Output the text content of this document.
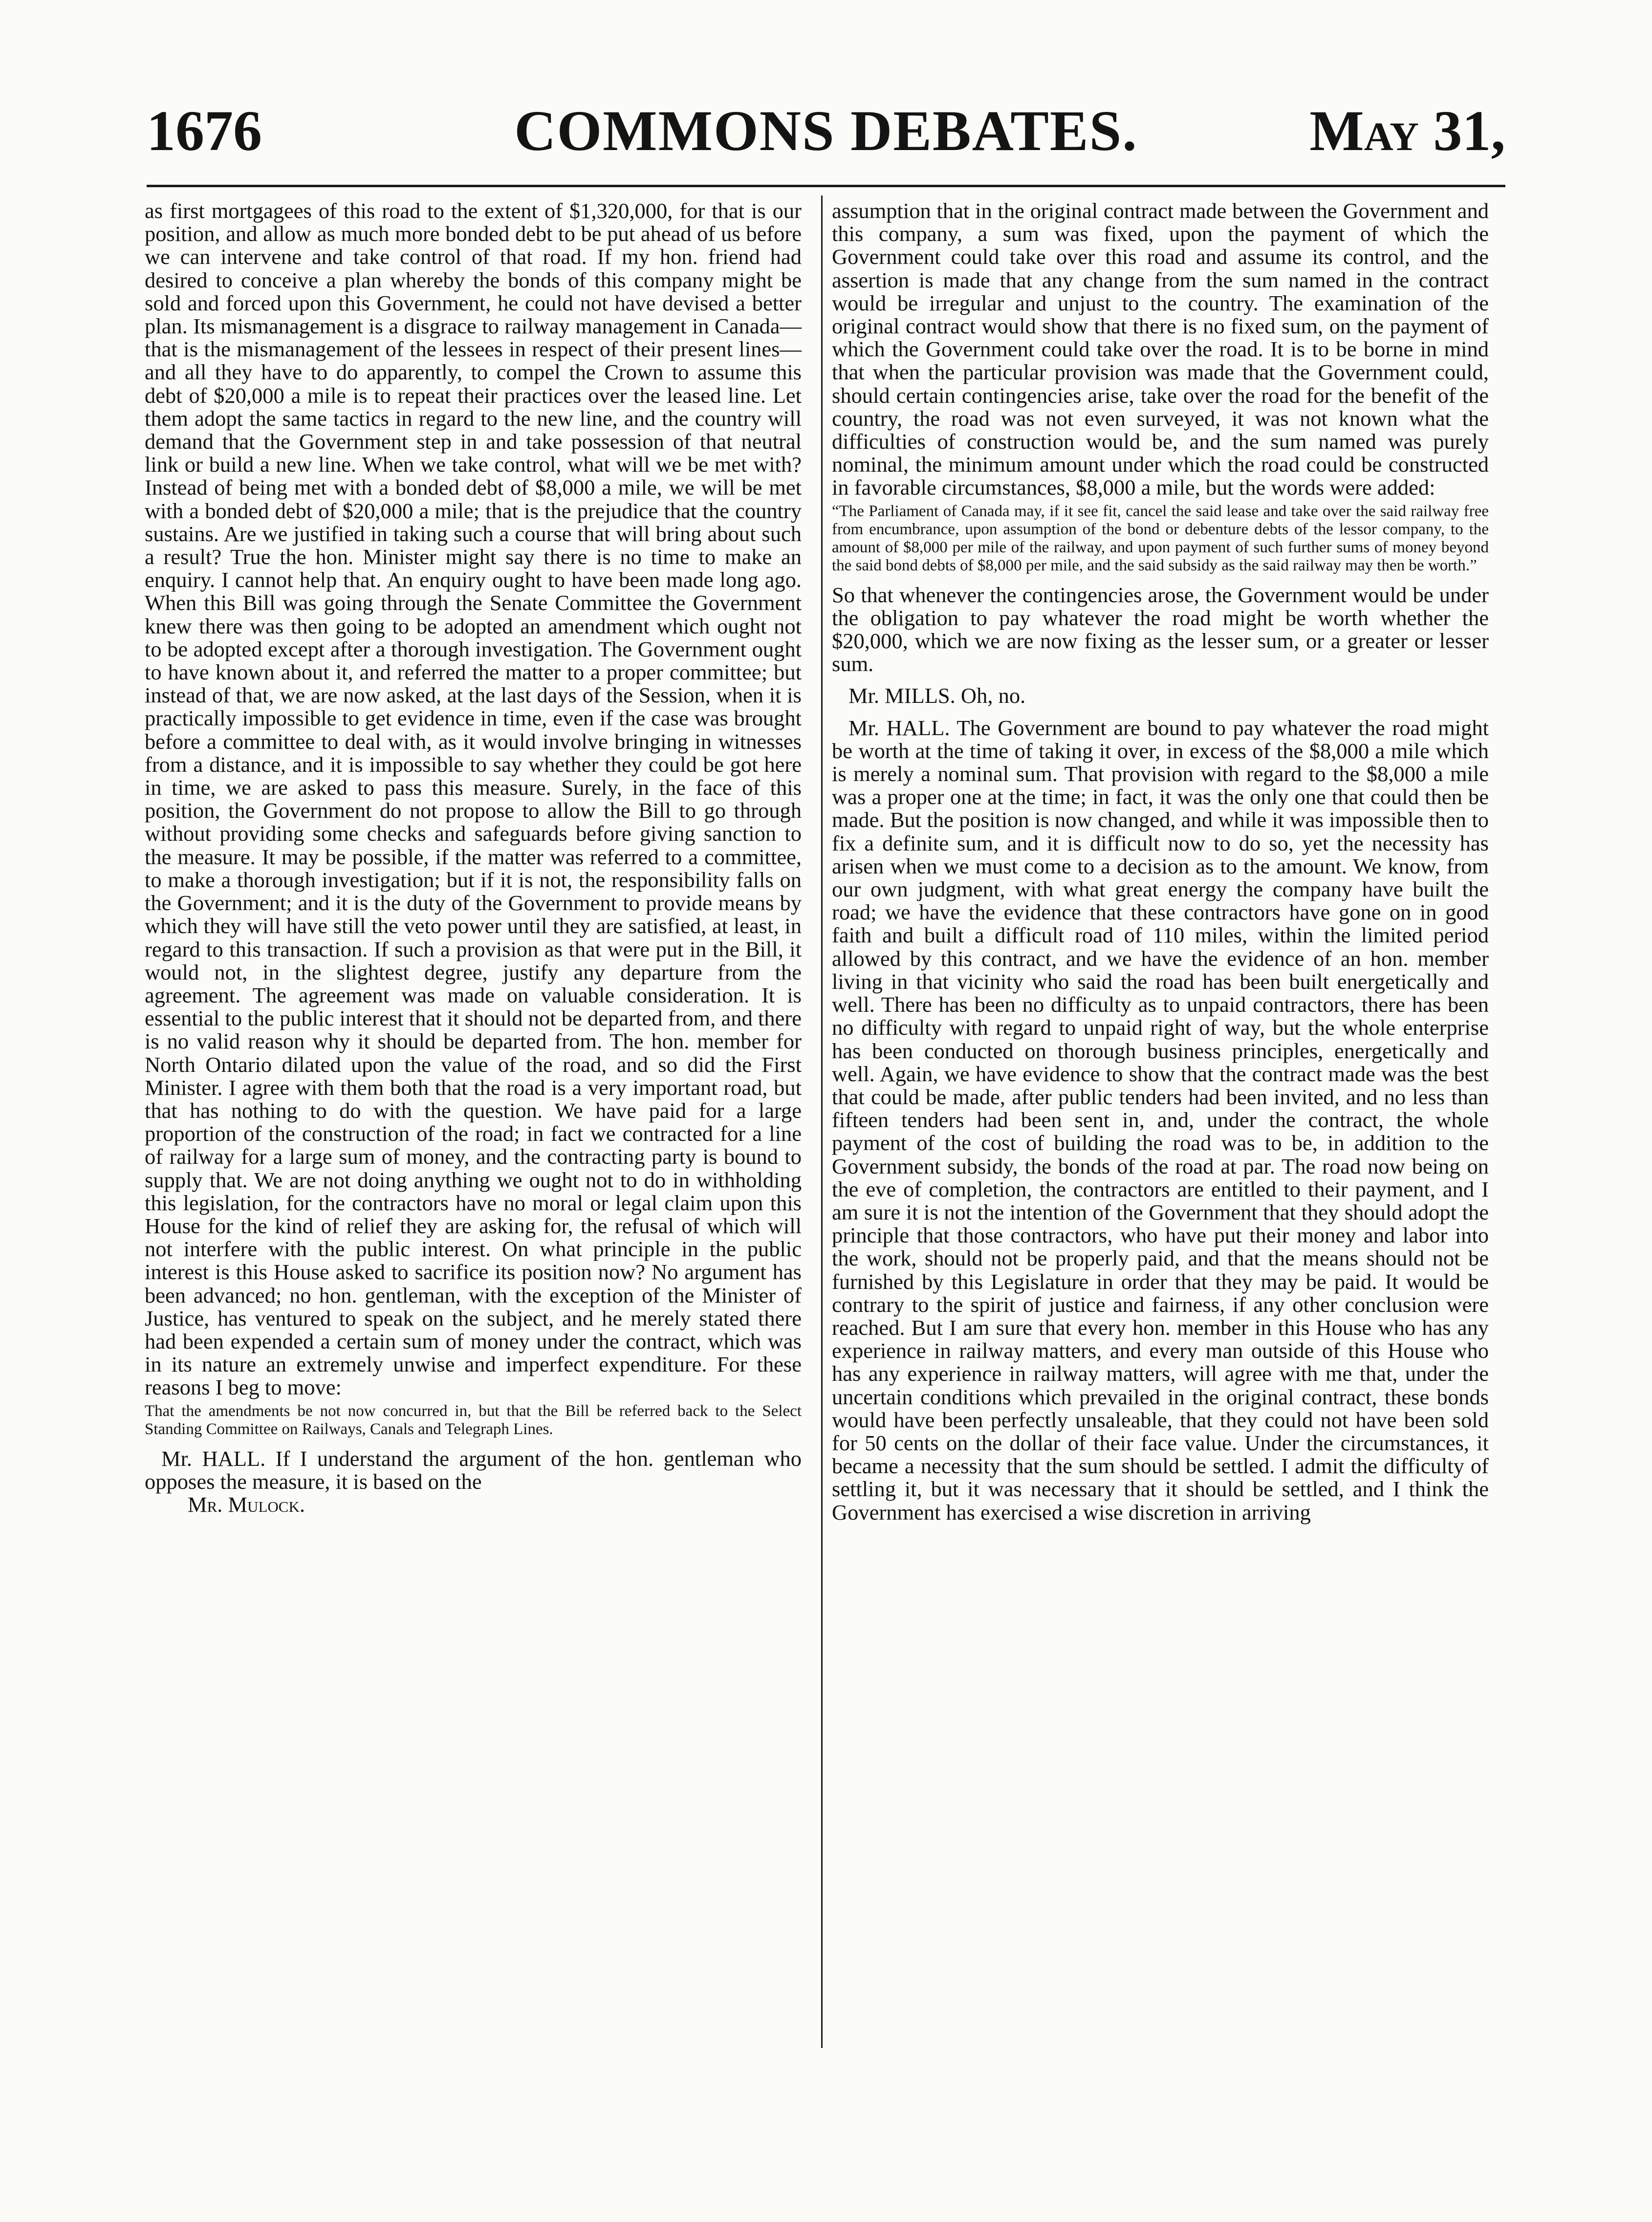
1676	COMMONS DEBATES.	May 31,

as first mortgagees of this road to the extent of $1,320,000, for that is our position, and allow as much more bonded debt to be put ahead of us before we can intervene and take control of that road. If my hon. friend had desired to conceive a plan whereby the bonds of this company might be sold and forced upon this Government, he could not have devised a better plan. Its mismanagement is a disgrace to railway management in Canada—that is the mismanagement of the lessees in respect of their present lines—and all they have to do apparently, to compel the Crown to assume this debt of $20,000 a mile is to repeat their practices over the leased line. Let them adopt the same tactics in regard to the new line, and the country will demand that the Government step in and take possession of that neutral link or build a new line. When we take control, what will we be met with? Instead of being met with a bonded debt of $8,000 a mile, we will be met with a bonded debt of $20,000 a mile; that is the prejudice that the country sustains. Are we justified in taking such a course that will bring about such a result? True the hon. Minister might say there is no time to make an enquiry. I cannot help that. An enquiry ought to have been made long ago. When this Bill was going through the Senate Committee the Government knew there was then going to be adopted an amendment which ought not to be adopted except after a thorough investigation. The Government ought to have known about it, and referred the matter to a proper committee; but instead of that, we are now asked, at the last days of the Session, when it is practically impossible to get evidence in time, even if the case was brought before a committee to deal with, as it would involve bringing in witnesses from a distance, and it is impossible to say whether they could be got here in time, we are asked to pass this measure. Surely, in the face of this position, the Government do not propose to allow the Bill to go through without providing some checks and safeguards before giving sanction to the measure. It may be possible, if the matter was referred to a committee, to make a thorough investigation; but if it is not, the responsibility falls on the Government; and it is the duty of the Government to provide means by which they will have still the veto power until they are satisfied, at least, in regard to this transaction. If such a provision as that were put in the Bill, it would not, in the slightest degree, justify any departure from the agreement. The agreement was made on valuable consideration. It is essential to the public interest that it should not be departed from, and there is no valid reason why it should be departed from. The hon. member for North Ontario dilated upon the value of the road, and so did the First Minister. I agree with them both that the road is a very important road, but that has nothing to do with the question. We have paid for a large proportion of the construction of the road; in fact we contracted for a line of railway for a large sum of money, and the contracting party is bound to supply that. We are not doing anything we ought not to do in withholding this legislation, for the contractors have no moral or legal claim upon this House for the kind of relief they are asking for, the refusal of which will not interfere with the public interest. On what principle in the public interest is this House asked to sacrifice its position now? No argument has been advanced; no hon. gentleman, with the exception of the Minister of Justice, has ventured to speak on the subject, and he merely stated there had been expended a certain sum of money under the contract, which was in its nature an extremely unwise and imperfect expenditure. For these reasons I beg to move:

That the amendments be not now concurred in, but that the Bill be referred back to the Select Standing Committee on Railways, Canals and Telegraph Lines.

Mr. HALL. If I understand the argument of the hon. gentleman who opposes the measure, it is based on the

Mr. Mulock.

assumption that in the original contract made between the Government and this company, a sum was fixed, upon the payment of which the Government could take over this road and assume its control, and the assertion is made that any change from the sum named in the contract would be irregular and unjust to the country. The examination of the original contract would show that there is no fixed sum, on the payment of which the Government could take over the road. It is to be borne in mind that when the particular provision was made that the Government could, should certain contingencies arise, take over the road for the benefit of the country, the road was not even surveyed, it was not known what the difficulties of construction would be, and the sum named was purely nominal, the minimum amount under which the road could be constructed in favorable circumstances, $8,000 a mile, but the words were added:

“The Parliament of Canada may, if it see fit, cancel the said lease and take over the said railway free from encumbrance, upon assumption of the bond or debenture debts of the lessor company, to the amount of $8,000 per mile of the railway, and upon payment of such further sums of money beyond the said bond debts of $8,000 per mile, and the said subsidy as the said railway may then be worth.”

So that whenever the contingencies arose, the Government would be under the obligation to pay whatever the road might be worth whether the $20,000, which we are now fixing as the lesser sum, or a greater or lesser sum.

Mr. MILLS. Oh, no.

Mr. HALL. The Government are bound to pay whatever the road might be worth at the time of taking it over, in excess of the $8,000 a mile which is merely a nominal sum. That provision with regard to the $8,000 a mile was a proper one at the time; in fact, it was the only one that could then be made. But the position is now changed, and while it was impossible then to fix a definite sum, and it is difficult now to do so, yet the necessity has arisen when we must come to a decision as to the amount. We know, from our own judgment, with what great energy the company have built the road; we have the evidence that these contractors have gone on in good faith and built a difficult road of 110 miles, within the limited period allowed by this contract, and we have the evidence of an hon. member living in that vicinity who said the road has been built energetically and well. There has been no difficulty as to unpaid contractors, there has been no difficulty with regard to unpaid right of way, but the whole enterprise has been conducted on thorough business principles, energetically and well. Again, we have evidence to show that the contract made was the best that could be made, after public tenders had been invited, and no less than fifteen tenders had been sent in, and, under the contract, the whole payment of the cost of building the road was to be, in addition to the Government subsidy, the bonds of the road at par. The road now being on the eve of completion, the contractors are entitled to their payment, and I am sure it is not the intention of the Government that they should adopt the principle that those contractors, who have put their money and labor into the work, should not be properly paid, and that the means should not be furnished by this Legislature in order that they may be paid. It would be contrary to the spirit of justice and fairness, if any other conclusion were reached. But I am sure that every hon. member in this House who has any experience in railway matters, and every man outside of this House who has any experience in railway matters, will agree with me that, under the uncertain conditions which prevailed in the original contract, these bonds would have been perfectly unsaleable, that they could not have been sold for 50 cents on the dollar of their face value. Under the circumstances, it became a necessity that the sum should be settled. I admit the difficulty of settling it, but it was necessary that it should be settled, and I think the Government has exercised a wise discretion in arriving
